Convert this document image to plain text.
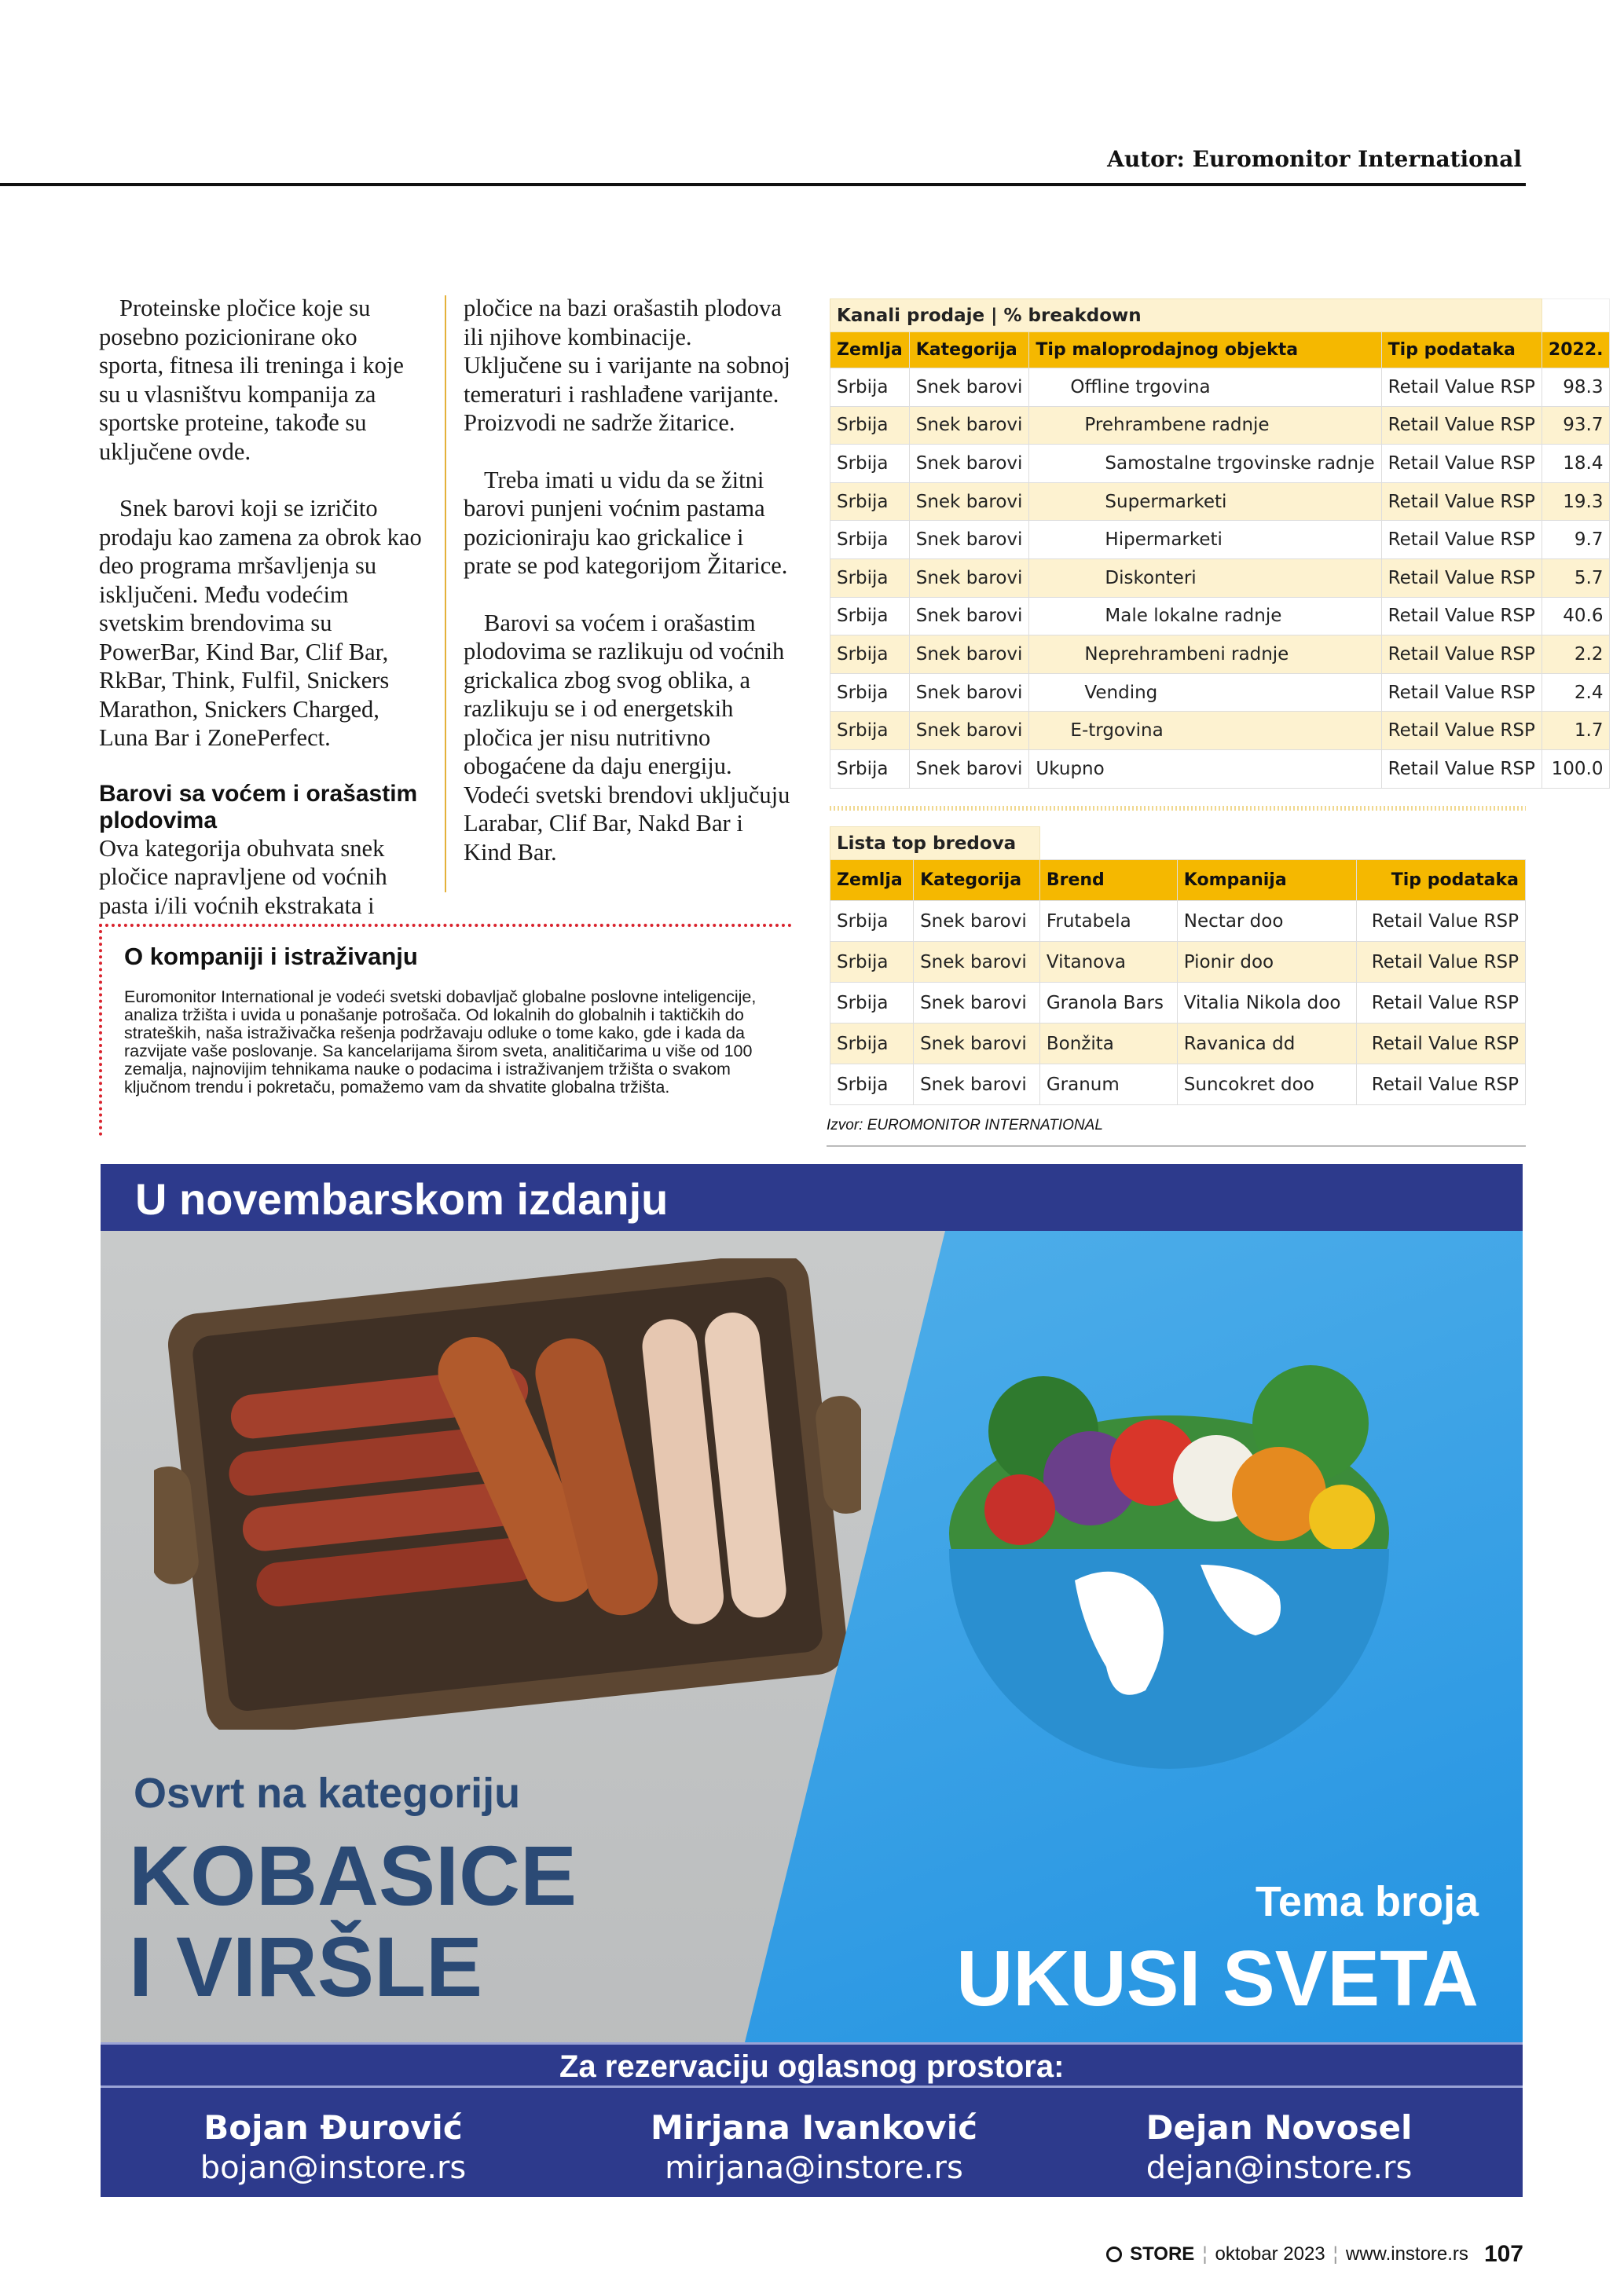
Autor: Euromonitor International

Proteinske pločice koje su posebno pozicionirane oko sporta, fitnesa ili treninga i koje su u vlasništvu kompanija za sportske proteine, takođe su uključene ovde.

Snek barovi koji se izričito prodaju kao zamena za obrok kao deo programa mršavljenja su isključeni. Među vodećim svetskim brendovima su PowerBar, Kind Bar, Clif Bar, RkBar, Think, Fulfil, Snickers Marathon, Snickers Charged, Luna Bar i ZonePerfect.

Barovi sa voćem i orašastim plodovima

Ova kategorija obuhvata snek pločice napravljene od voćnih pasta i/ili voćnih ekstrakata i

pločice na bazi orašastih plodova ili njihove kombinacije. Uključene su i varijante na sobnoj temeraturi i rashlađene varijante. Proizvodi ne sadrže žitarice.

Treba imati u vidu da se žitni barovi punjeni voćnim pastama pozicioniraju kao grickalice i prate se pod kategorijom Žitarice.

Barovi sa voćem i orašastim plodovima se razlikuju od voćnih grickalica zbog svog oblika, a razlikuju se i od energetskih pločica jer nisu nutritivno obogaćene da daju energiju. Vodeći svetski brendovi uključuju Larabar, Clif Bar, Nakd Bar i Kind Bar.

O kompaniji i istraživanju
Euromonitor International je vodeći svetski dobavljač globalne poslovne inteligencije, analiza tržišta i uvida u ponašanje potrošača. Od lokalnih do globalnih i taktičkih do strateških, naša istraživačka rešenja podržavaju odluke o tome kako, gde i kada da razvijate vaše poslovanje. Sa kancelarijama širom sveta, analitičarima u više od 100 zemalja, najnovijim tehnikama nauke o podacima i istraživanjem tržišta o svakom ključnom trendu i pokretaču, pomažemo vam da shvatite globalna tržišta.
Kanali prodaje | % breakdown				
Zemlja	Kategorija	Tip maloprodajnog objekta	Tip podataka	2022.
Srbija	Snek barovi	Offline trgovina	Retail Value RSP	98.3
Srbija	Snek barovi	Prehrambene radnje	Retail Value RSP	93.7
Srbija	Snek barovi	Samostalne trgovinske radnje	Retail Value RSP	18.4
Srbija	Snek barovi	Supermarketi	Retail Value RSP	19.3
Srbija	Snek barovi	Hipermarketi	Retail Value RSP	9.7
Srbija	Snek barovi	Diskonteri	Retail Value RSP	5.7
Srbija	Snek barovi	Male lokalne radnje	Retail Value RSP	40.6
Srbija	Snek barovi	Neprehrambeni radnje	Retail Value RSP	2.2
Srbija	Snek barovi	Vending	Retail Value RSP	2.4
Srbija	Snek barovi	E-trgovina	Retail Value RSP	1.7
Srbija	Snek barovi	Ukupno	Retail Value RSP	100.0
Lista top bredova				
Zemlja	Kategorija	Brend	Kompanija	Tip podataka
Srbija	Snek barovi	Frutabela	Nectar doo	Retail Value RSP
Srbija	Snek barovi	Vitanova	Pionir doo	Retail Value RSP
Srbija	Snek barovi	Granola Bars	Vitalia Nikola doo	Retail Value RSP
Srbija	Snek barovi	Bonžita	Ravanica dd	Retail Value RSP
Srbija	Snek barovi	Granum	Suncokret doo	Retail Value RSP
Izvor: EUROMONITOR INTERNATIONAL
U novembarskom izdanju
Osvrt na kategoriju
KOBASICE
I VIRŠLE
Tema broja
UKUSI SVETA
Za rezervaciju oglasnog prostora:
Bojan Đurović
bojan@instore.rs
Mirjana Ivanković
mirjana@instore.rs
Dejan Novosel
dejan@instore.rs
STORE ¦ oktobar 2023 ¦ www.instore.rs 107
